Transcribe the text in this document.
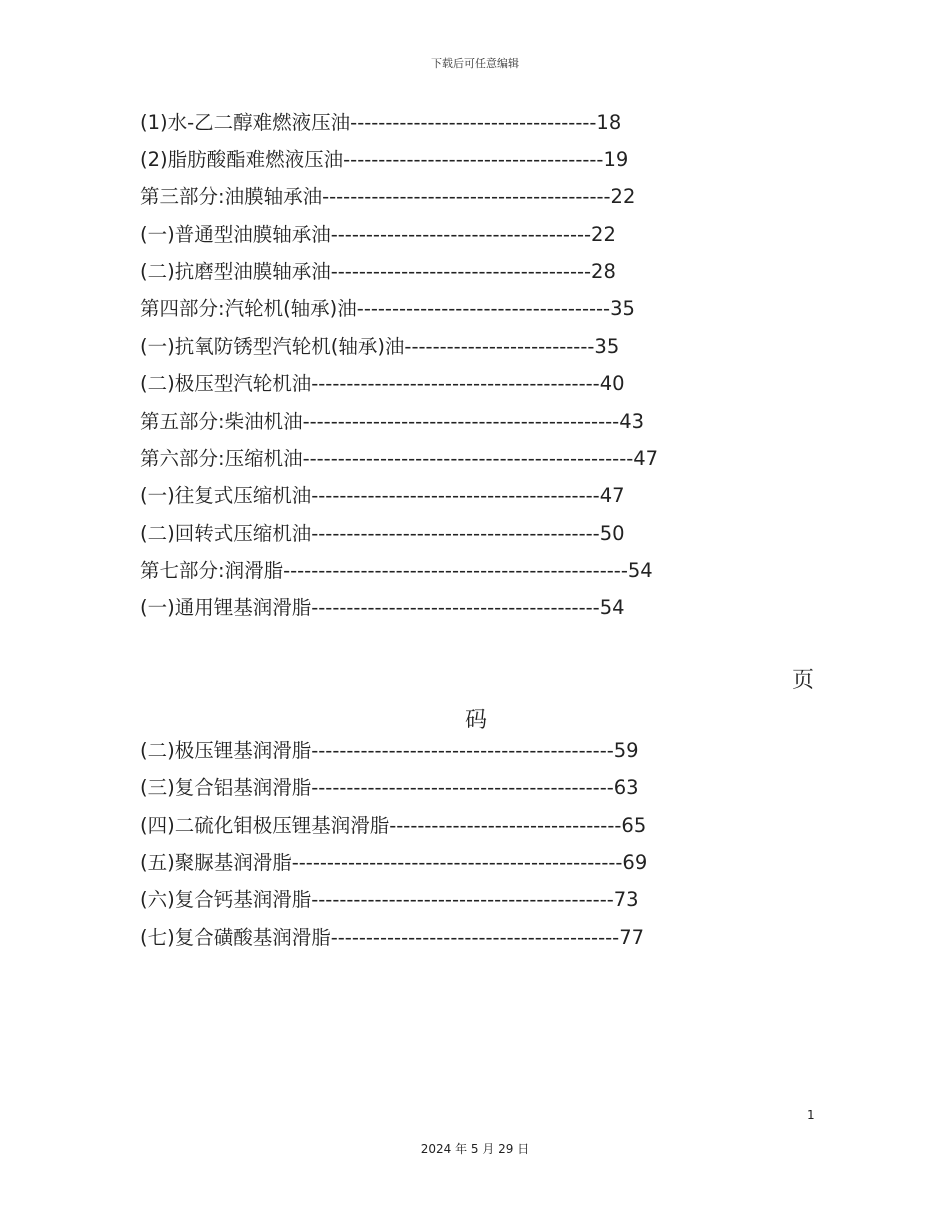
下载后可任意编辑
(1)水-乙二醇难燃液压油-----------------------------------18
(2)脂肪酸酯难燃液压油-------------------------------------19
第三部分:油膜轴承油-----------------------------------------22
(一)普通型油膜轴承油-------------------------------------22
(二)抗磨型油膜轴承油-------------------------------------28
第四部分:汽轮机(轴承)油------------------------------------35
(一)抗氧防锈型汽轮机(轴承)油---------------------------35
(二)极压型汽轮机油-----------------------------------------40
第五部分:柴油机油---------------------------------------------43
第六部分:压缩机油-----------------------------------------------47
(一)往复式压缩机油-----------------------------------------47
(二)回转式压缩机油-----------------------------------------50
第七部分:润滑脂-------------------------------------------------54
(一)通用锂基润滑脂-----------------------------------------54
页
码
(二)极压锂基润滑脂-------------------------------------------59
(三)复合铝基润滑脂-------------------------------------------63
(四)二硫化钼极压锂基润滑脂---------------------------------65
(五)聚脲基润滑脂-----------------------------------------------69
(六)复合钙基润滑脂-------------------------------------------73
(七)复合磺酸基润滑脂-----------------------------------------77
1
2024 年 5 月 29 日
